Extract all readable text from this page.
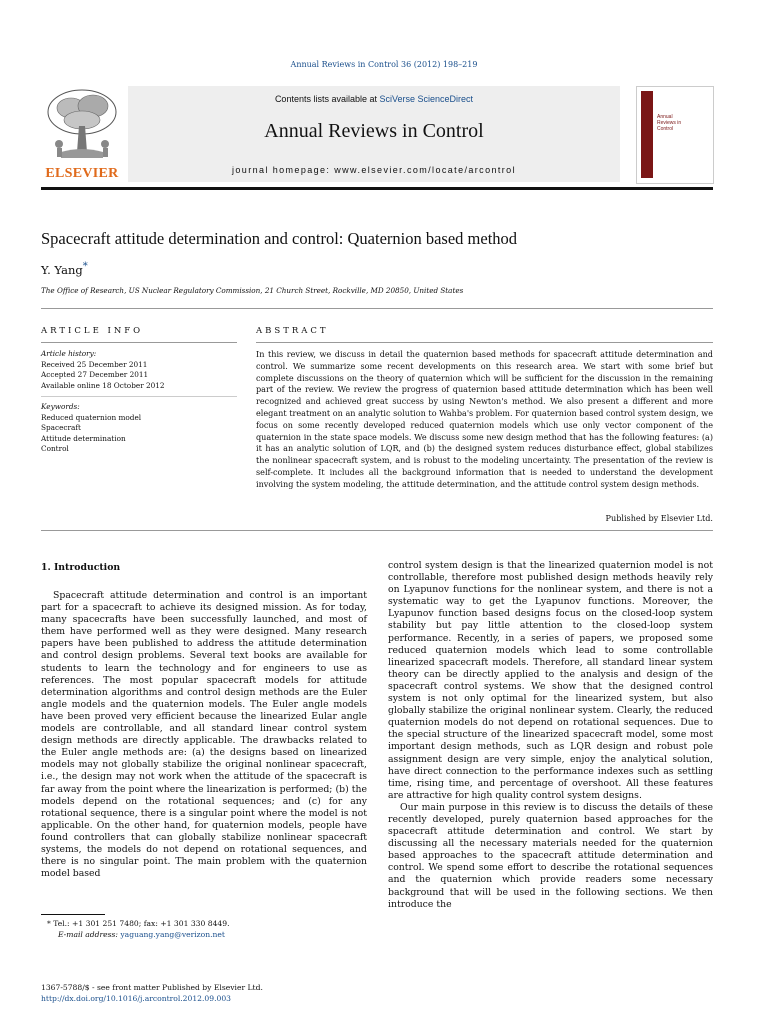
Annual Reviews in Control 36 (2012) 198–219
ELSEVIER
Contents lists available at SciVerse ScienceDirect
Annual Reviews in Control
journal homepage: www.elsevier.com/locate/arcontrol
Annual
Reviews in
Control
Spacecraft attitude determination and control: Quaternion based method
Y. Yang*
The Office of Research, US Nuclear Regulatory Commission, 21 Church Street, Rockville, MD 20850, United States
ARTICLE INFO	ABSTRACT
Article history:
Received 25 December 2011
Accepted 27 December 2011
Available online 18 October 2012
Keywords:
Reduced quaternion model
Spacecraft
Attitude determination
Control

In this review, we discuss in detail the quaternion based methods for spacecraft attitude determination and control. We summarize some recent developments on this research area. We start with some brief but complete discussions on the theory of quaternion which will be sufficient for the discussion in the remaining part of the review. We review the progress of quaternion based attitude determination which has been well recognized and achieved great success by using Newton's method. We also present a different and more elegant treatment on an analytic solution to Wahba's problem. For quaternion based control system design, we focus on some recently developed reduced quaternion models which use only vector component of the quaternion in the state space models. We discuss some new design method that has the following features: (a) it has an analytic solution of LQR, and (b) the designed system reduces disturbance effect, global stabilizes the nonlinear spacecraft system, and is robust to the modeling uncertainty. The presentation of the review is self-complete. It includes all the background information that is needed to understand the development involving the system modeling, the attitude determination, and the attitude control system design methods.

Published by Elsevier Ltd.
1. Introduction

Spacecraft attitude determination and control is an important part for a spacecraft to achieve its designed mission. As for today, many spacecrafts have been successfully launched, and most of them have performed well as they were designed. Many research papers have been published to address the attitude determination and control design problems. Several text books are available for students to learn the technology and for engineers to use as references. The most popular spacecraft models for attitude determination algorithms and control design methods are the Euler angle models and the quaternion models. The Euler angle models have been proved very efficient because the linearized Eular angle models are controllable, and all standard linear control system design methods are directly applicable. The drawbacks related to the Euler angle methods are: (a) the designs based on linearized models may not globally stabilize the original nonlinear spacecraft, i.e., the design may not work when the attitude of the spacecraft is far away from the point where the linearization is performed; (b) the models depend on the rotational sequences; and (c) for any rotational sequence, there is a singular point where the model is not applicable. On the other hand, for quaternion models, people have found controllers that can globally stabilize nonlinear spacecraft systems, the models do not depend on rotational sequences, and there is no singular point. The main problem with the quaternion model based

control system design is that the linearized quaternion model is not controllable, therefore most published design methods heavily rely on Lyapunov functions for the nonlinear system, and there is not a systematic way to get the Lyapunov functions. Moreover, the Lyapunov function based designs focus on the closed-loop system stability but pay little attention to the closed-loop system performance. Recently, in a series of papers, we proposed some reduced quaternion models which lead to some controllable linearized spacecraft models. Therefore, all standard linear system theory can be directly applied to the analysis and design of the spacecraft control systems. We show that the designed control system is not only optimal for the linearized system, but also globally stabilize the original nonlinear system. Clearly, the reduced quaternion models do not depend on rotational sequences. Due to the special structure of the linearized spacecraft model, some most important design methods, such as LQR design and robust pole assignment design are very simple, enjoy the analytical solution, have direct connection to the performance indexes such as settling time, rising time, and percentage of overshoot. All these features are attractive for high quality control system designs.

Our main purpose in this review is to discuss the details of these recently developed, purely quaternion based approaches for the spacecraft attitude determination and control. We start by discussing all the necessary materials needed for the quaternion based approaches to the spacecraft attitude determination and control. We spend some effort to describe the rotational sequences and the quaternion which provide readers some necessary background that will be used in the following sections. We then introduce the

* Tel.: +1 301 251 7480; fax: +1 301 330 8449.
E-mail address: yaguang.yang@verizon.net
1367-5788/$ - see front matter Published by Elsevier Ltd.
http://dx.doi.org/10.1016/j.arcontrol.2012.09.003
